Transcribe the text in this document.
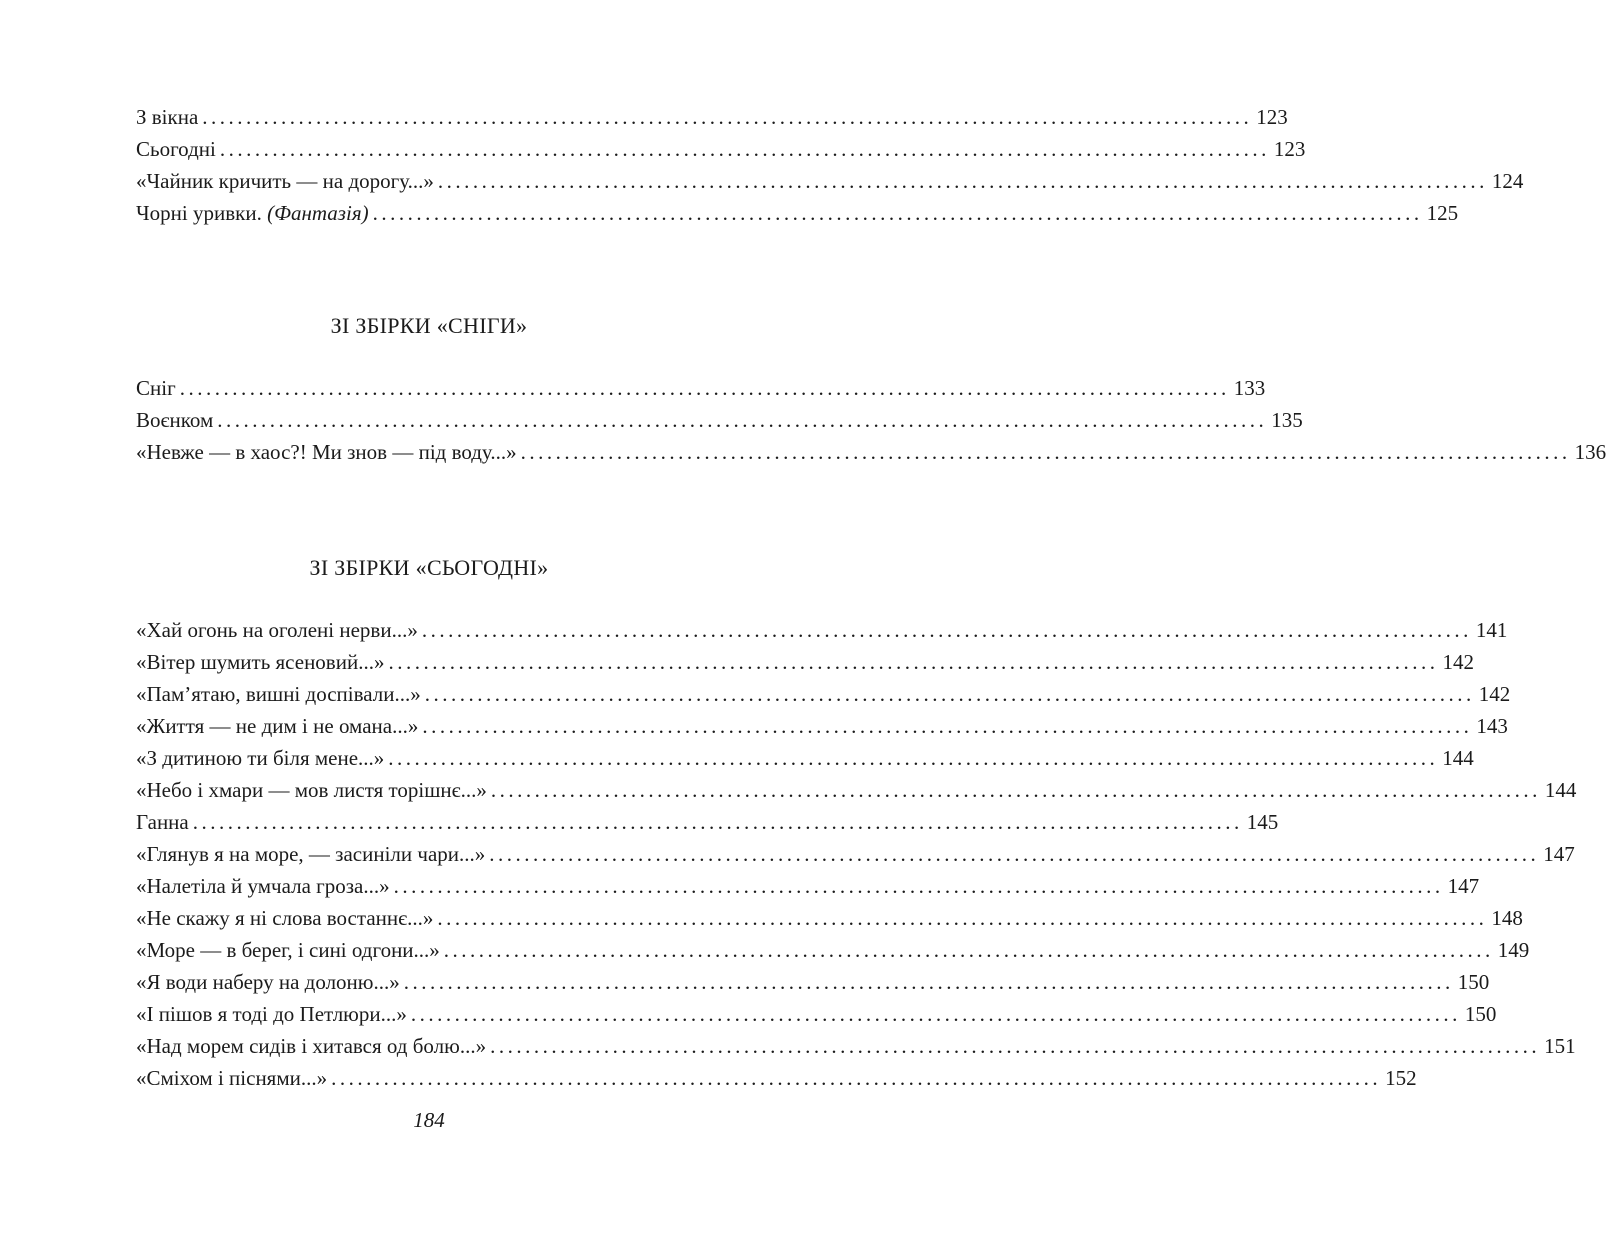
З вікна ........................................................................................................................ 123
Сьогодні ........................................................................................................................ 123
«Чайник кричить — на дорогу...» ........................................................................................................................ 124
Чорні уривки. (Фантазія) ........................................................................................................................ 125
ЗІ ЗБІРКИ «СНІГИ»
Сніг ........................................................................................................................ 133
Воєнком ........................................................................................................................ 135
«Невже — в хаос?! Ми знов — під воду...» ........................................................................................................................ 136
ЗІ ЗБІРКИ «СЬОГОДНІ»
«Хай огонь на оголені нерви...» ........................................................................................................................ 141
«Вітер шумить ясеновий...» ........................................................................................................................ 142
«Пам’ятаю, вишні доспівали...» ........................................................................................................................ 142
«Життя — не дим і не омана...» ........................................................................................................................ 143
«З дитиною ти біля мене...» ........................................................................................................................ 144
«Небо і хмари — мов листя торішнє...» ........................................................................................................................ 144
Ганна ........................................................................................................................ 145
«Глянув я на море, — засиніли чари...» ........................................................................................................................ 147
«Налетіла й умчала гроза...» ........................................................................................................................ 147
«Не скажу я ні слова востаннє...» ........................................................................................................................ 148
«Море — в берег, і сині одгони...» ........................................................................................................................ 149
«Я води наберу на долоню...» ........................................................................................................................ 150
«І пішов я тоді до Петлюри...» ........................................................................................................................ 150
«Над морем сидів і хитався од болю...» ........................................................................................................................ 151
«Сміхом і піснями...» ........................................................................................................................ 152
184
